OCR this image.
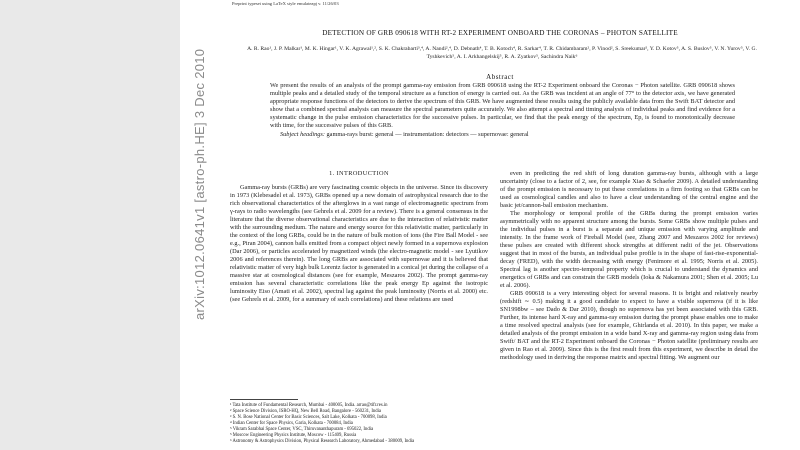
Preprint typeset using LaTeX style emulateapj v. 11/26/03
arXiv:1012.0641v1 [astro-ph.HE] 3 Dec 2010
DETECTION OF GRB 090618 WITH RT-2 EXPERIMENT ONBOARD THE CORONAS – PHOTON SATELLITE
A. R. Rao¹, J. P. Malkar¹, M. K. Hingar¹, V. K. Agrawal¹,², S. K. Chakrabarti³,⁴, A. Nandi²,⁴, D. Debnath⁴, T. B. Kotoch⁴, R. Sarkar⁴, T. R. Chidambaram², P. Vinod², S. Sreekumar², Y. D. Kotov⁵, A. S. Buslov⁵, V. N. Yurov⁵, V. G. Tyshkevich⁵, A. I. Arkhangelskij⁵, R. A. Zyatkov⁵, Sachindra Naik⁶
Abstract
We present the results of an analysis of the prompt gamma-ray emission from GRB 090618 using the RT-2 Experiment onboard the Coronas − Photon satellite. GRB 090618 shows multiple peaks and a detailed study of the temporal structure as a function of energy is carried out. As the GRB was incident at an angle of 77° to the detector axis, we have generated appropriate response functions of the detectors to derive the spectrum of this GRB. We have augmented these results using the publicly available data from the Swift BAT detector and show that a combined spectral analysis can measure the spectral parameters quite accurately. We also attempt a spectral and timing analysis of individual peaks and find evidence for a systematic change in the pulse emission characteristics for the successive pulses. In particular, we find that the peak energy of the spectrum, Ep, is found to monotonically decrease with time, for the successive pulses of this GRB.
Subject headings: gamma-rays burst: general — instrumentation: detectors — supernovae: general
1. INTRODUCTION
Gamma-ray bursts (GRBs) are very fascinating cosmic objects in the universe. Since its discovery in 1973 (Klebesadel et al. 1973), GRBs opened up a new domain of astrophysical research due to the rich observational characteristics of the afterglows in a vast range of electromagnetic spectrum from γ-rays to radio wavelengths (see Gehrels et al. 2009 for a review). There is a general consensus in the literature that the diverse observational characteristics are due to the interaction of relativistic matter with the surrounding medium. The nature and energy source for this relativistic matter, particularly in the context of the long GRBs, could be in the nature of bulk motion of ions (the Fire Ball Model - see e.g., Piran 2004), cannon balls emitted from a compact object newly formed in a supernova explosion (Dar 2006), or particles accelerated by magnetized winds (the electro-magnetic model - see Lyutikov 2006 and references therein). The long GRBs are associated with supernovae and it is believed that relativistic matter of very high bulk Lorentz factor is generated in a conical jet during the collapse of a massive star at cosmological distances (see for example, Meszaros 2002). The prompt gamma-ray emission has several characteristic correlations like the peak energy Ep against the isotropic luminosity Eiso (Amati et al. 2002), spectral lag against the peak luminosity (Norris et al. 2000) etc. (see Gehrels et al. 2009, for a summary of such correlations) and these relations are used
¹ Tata Institute of Fundamental Research, Mumbai - 400005, India. arrao@tifr.res.in
² Space Science Division, ISRO-HQ, New Bell Road, Bangalore - 560231, India
³ S. N. Bose National Center for Basic Sciences, Salt Lake, Kolkata - 700098, India
⁴ Indian Center for Space Physics, Garia, Kolkata - 700084, India
⁵ Vikram Sarabhai Space Center, VSC, Thiruvananthapuram - 695022, India
⁵ Moscow Engineering Physics Institute, Moscow - 115409, Russia
⁶ Astronomy & Astrophysics Division, Physical Research Laboratory, Ahmedabad - 380009, India
even in predicting the red shift of long duration gamma-ray bursts, although with a large uncertainty (close to a factor of 2, see, for example Xiao & Schaefer 2009). A detailed understanding of the prompt emission is necessary to put these correlations in a firm footing so that GRBs can be used as cosmological candles and also to have a clear understanding of the central engine and the basic jet/cannon-ball emission mechanism.
The morphology or temporal profile of the GRBs during the prompt emission varies asymmetrically with no apparent structure among the bursts. Some GRBs show multiple pulses and the individual pulses in a burst is a separate and unique emission with varying amplitude and intensity. In the frame work of Fireball Model (see, Zhang 2007 and Meszaros 2002 for reviews) these pulses are created with different shock strengths at different radii of the jet. Observations suggest that in most of the bursts, an individual pulse profile is in the shape of fast-rise-exponential-decay (FRED), with the width decreasing with energy (Fenimore et al. 1995; Norris et al. 2005). Spectral lag is another spectro-temporal property which is crucial to understand the dynamics and energetics of GRBs and can constrain the GRB models (Ioka & Nakamura 2001; Shen et al. 2005; Lu et al. 2006).
GRB 090618 is a very interesting object for several reasons. It is bright and relatively nearby (redshift ∼ 0.5) making it a good candidate to expect to have a visible supernova (if it is like SN1998bw – see Dado & Dar 2010), though no supernova has yet been associated with this GRB. Further, its intense hard X-ray and gamma-ray emission during the prompt phase enables one to make a time resolved spectral analysis (see for example, Ghirlanda et al. 2010). In this paper, we make a detailed analysis of the prompt emission in a wide band X-ray and gamma-ray region using data from Swift/ BAT and the RT-2 Experiment onboard the Coronas − Photon satellite (preliminary results are given in Rao et al. 2009). Since this is the first result from this experiment, we describe in detail the methodology used in deriving the response matrix and spectral fitting. We augment our
